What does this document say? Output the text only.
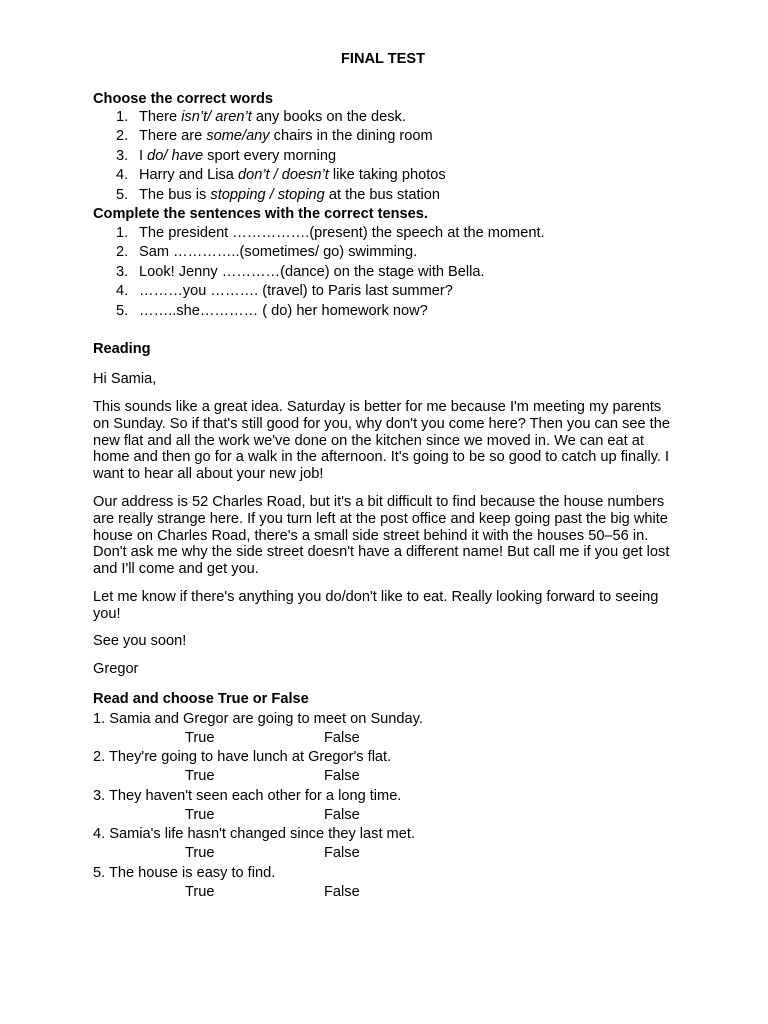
FINAL TEST
Choose the correct words
1. There isn’t/ aren’t any books on the desk.
2. There are some/any chairs in the dining room
3. I do/ have sport every morning
4. Harry and Lisa don’t / doesn’t like taking photos
5. The bus is stopping / stoping at the bus station
Complete the sentences with the correct tenses.
1. The president …………….(present) the speech at the moment.
2. Sam …………..(sometimes/ go) swimming.
3. Look! Jenny …………(dance) on the stage with Bella.
4. ………you ………. (travel) to Paris last summer?
5. ……..she………… ( do) her homework now?
Reading
Hi Samia,

This sounds like a great idea. Saturday is better for me because I'm meeting my parents on Sunday. So if that's still good for you, why don't you come here? Then you can see the new flat and all the work we've done on the kitchen since we moved in. We can eat at home and then go for a walk in the afternoon. It's going to be so good to catch up finally. I want to hear all about your new job!

Our address is 52 Charles Road, but it's a bit difficult to find because the house numbers are really strange here. If you turn left at the post office and keep going past the big white house on Charles Road, there's a small side street behind it with the houses 50–56 in. Don't ask me why the side street doesn't have a different name! But call me if you get lost and I'll come and get you.

Let me know if there's anything you do/don't like to eat. Really looking forward to seeing you!

See you soon!
Gregor
Read and choose True or False
1. Samia and Gregor are going to meet on Sunday.
True	False
2. They're going to have lunch at Gregor's flat.
True	False
3. They haven't seen each other for a long time.
True	False
4. Samia's life hasn't changed since they last met.
True	False
5. The house is easy to find.
True	False
